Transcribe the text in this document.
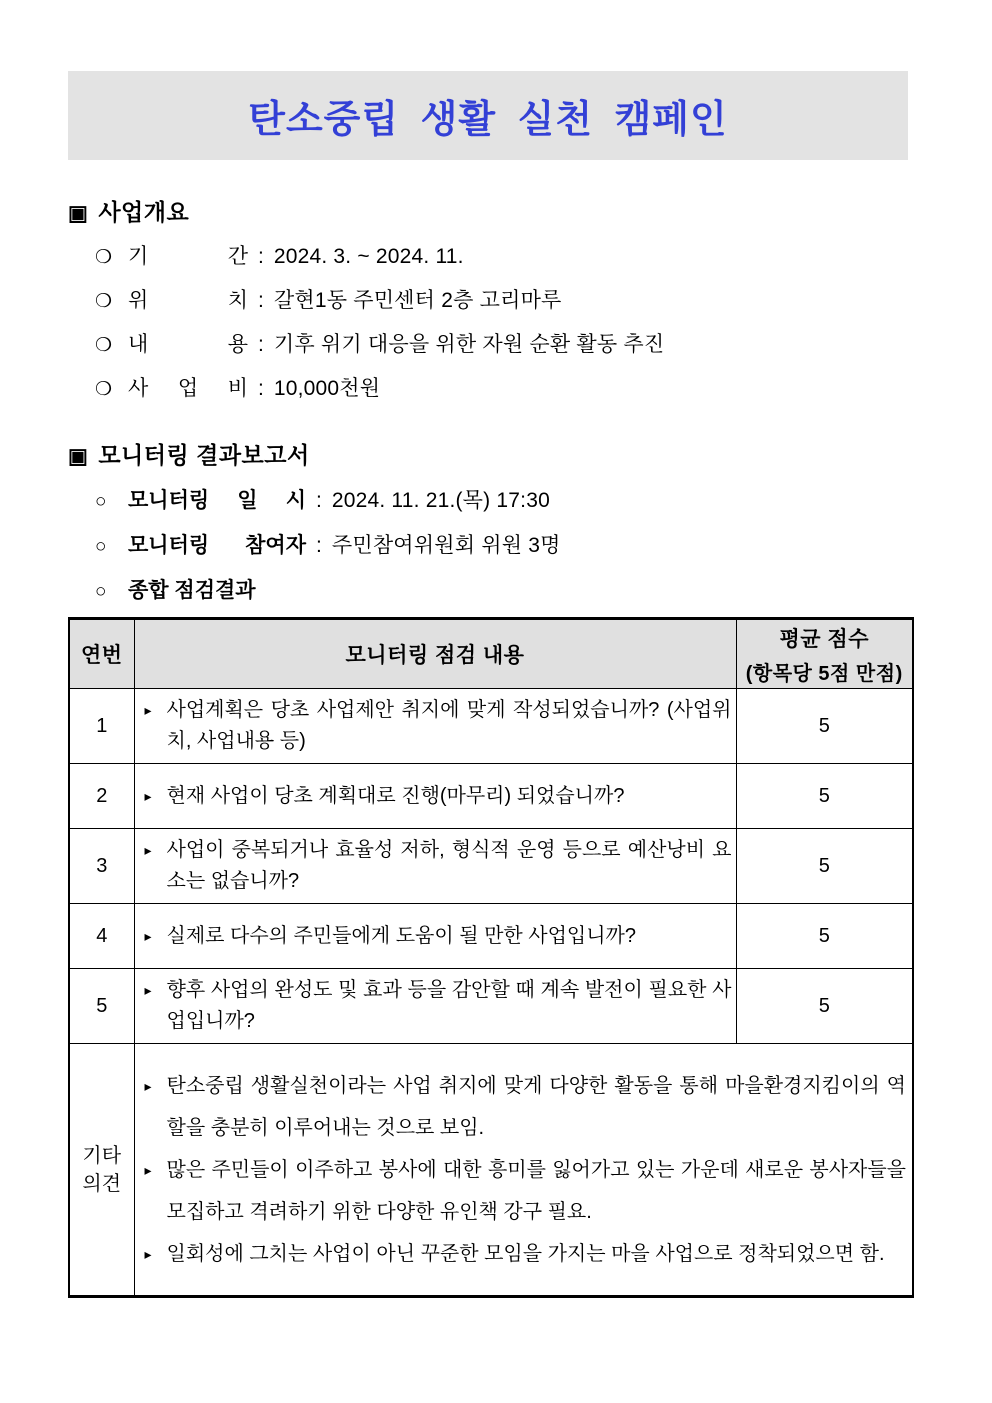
탄소중립 생활 실천 캠페인
▣ 사업개요
❍ 기 간 : 2024. 3. ~ 2024. 11.
❍ 위 치 : 갈현1동 주민센터 2층 고리마루
❍ 내 용 : 기후 위기 대응을 위한 자원 순환 활동 추진
❍ 사 업 비 : 10,000천원
▣ 모니터링 결과보고서
○	모니터링 일 시 : 2024. 11. 21.(목) 17:30
○	모니터링 참여자 : 주민참여위원회 위원 3명
○	종합 점검결과
연번	모니터링 점검 내용	평균 점수
(항목당 5점 만점)

1	▸ 사업계획은 당초 사업제안 취지에 맞게 작성되었습니까? (사업위치, 사업내용 등)	5
2	▸ 현재 사업이 당초 계획대로 진행(마무리) 되었습니까?	5
3	▸ 사업이 중복되거나 효율성 저하, 형식적 운영 등으로 예산낭비 요소는 없습니까?	5
4	▸ 실제로 다수의 주민들에게 도움이 될 만한 사업입니까?	5
5	▸ 향후 사업의 완성도 및 효과 등을 감안할 때 계속 발전이 필요한 사업입니까?	5
기타의견	
▸ 탄소중립 생활실천이라는 사업 취지에 맞게 다양한 활동을 통해 마을환경지킴이의 역할을 충분히 이루어내는 것으로 보임.
▸ 많은 주민들이 이주하고 봉사에 대한 흥미를 잃어가고 있는 가운데 새로운 봉사자들을 모집하고 격려하기 위한 다양한 유인책 강구 필요.
▸ 일회성에 그치는 사업이 아닌 꾸준한 모임을 가지는 마을 사업으로 정착되었으면 함.
